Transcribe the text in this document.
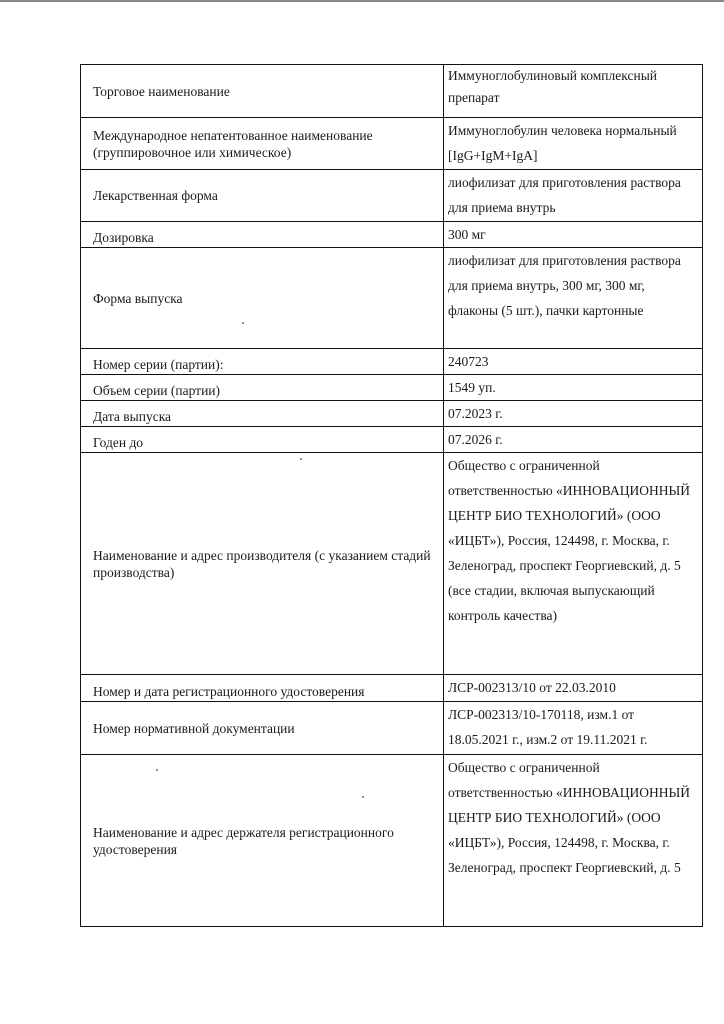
Торговое наименование	Иммуноглобулиновый комплексный препарат
Международное непатентованное наименование (группировочное или химическое)	Иммуноглобулин человека нормальный [IgG+IgM+IgA]
Лекарственная форма	лиофилизат для приготовления раствора для приема внутрь
Дозировка	300 мг
Форма выпуска	лиофилизат для приготовления раствора для приема внутрь, 300 мг, 300 мг, флаконы (5 шт.), пачки картонные
Номер серии (партии):	240723
Объем серии (партии)	1549 уп.
Дата выпуска	07.2023 г.
Годен до	07.2026 г.
Наименование и адрес производителя (с указанием стадий производства)	Общество с ограниченной ответственностью «ИННОВАЦИОННЫЙ ЦЕНТР БИО ТЕХНОЛОГИЙ» (ООО «ИЦБТ»), Россия, 124498, г. Москва, г. Зеленоград, проспект Георгиевский, д. 5 (все стадии, включая выпускающий контроль качества)
Номер и дата регистрационного удостоверения	ЛСР-002313/10 от 22.03.2010
Номер нормативной документации	ЛСР-002313/10-170118, изм.1 от 18.05.2021 г., изм.2 от 19.11.2021 г.
Наименование и адрес держателя регистрационного удостоверения	Общество с ограниченной ответственностью «ИННОВАЦИОННЫЙ ЦЕНТР БИО ТЕХНОЛОГИЙ» (ООО «ИЦБТ»), Россия, 124498, г. Москва, г. Зеленоград, проспект Георгиевский, д. 5
